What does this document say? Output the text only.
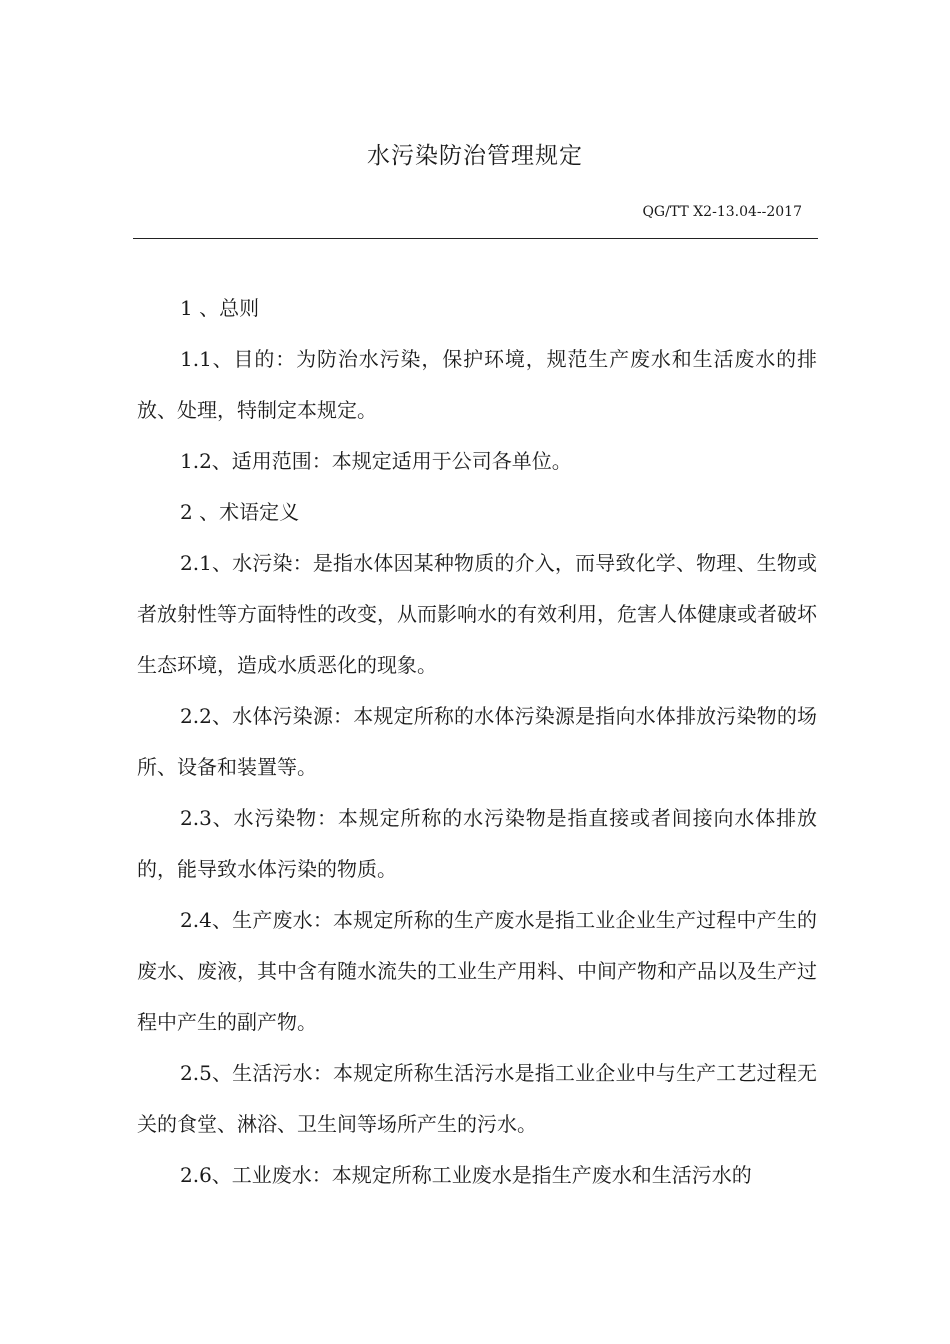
水污染防治管理规定
QG/TT X2-13.04--2017

1 、总则

1.1、目的：为防治水污染，保护环境，规范生产废水和生活废水的排放、处理，特制定本规定。

1.2、适用范围：本规定适用于公司各单位。

2 、术语定义

2.1、水污染：是指水体因某种物质的介入，而导致化学、物理、生物或者放射性等方面特性的改变，从而影响水的有效利用，危害人体健康或者破坏生态环境，造成水质恶化的现象。

2.2、水体污染源：本规定所称的水体污染源是指向水体排放污染物的场所、设备和装置等。

2.3、水污染物：本规定所称的水污染物是指直接或者间接向水体排放的，能导致水体污染的物质。

2.4、生产废水：本规定所称的生产废水是指工业企业生产过程中产生的废水、废液，其中含有随水流失的工业生产用料、中间产物和产品以及生产过程中产生的副产物。

2.5、生活污水：本规定所称生活污水是指工业企业中与生产工艺过程无关的食堂、淋浴、卫生间等场所产生的污水。

2.6、工业废水：本规定所称工业废水是指生产废水和生活污水的
